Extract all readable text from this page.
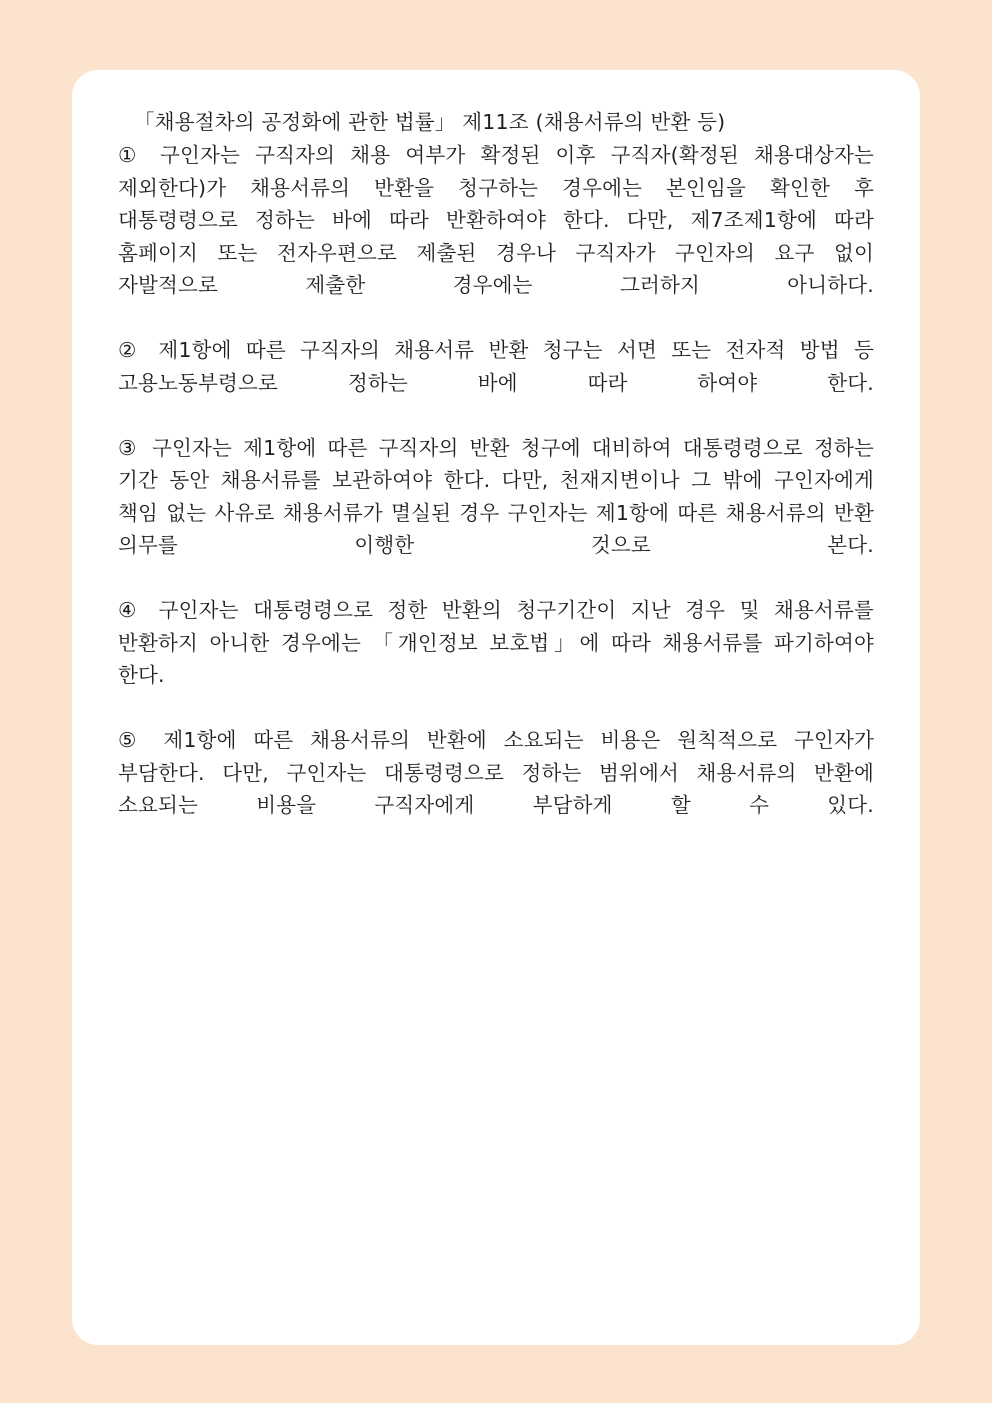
「채용절차의 공정화에 관한 법률」 제11조 (채용서류의 반환 등)

① 구인자는 구직자의 채용 여부가 확정된 이후 구직자(확정된 채용대상자는 제외한다)가 채용서류의 반환을 청구하는 경우에는 본인임을 확인한 후 대통령령으로 정하는 바에 따라 반환하여야 한다. 다만, 제7조제1항에 따라 홈페이지 또는 전자우편으로 제출된 경우나 구직자가 구인자의 요구 없이 자발적으로 제출한 경우에는 그러하지 아니하다.

② 제1항에 따른 구직자의 채용서류 반환 청구는 서면 또는 전자적 방법 등 고용노동부령으로 정하는 바에 따라 하여야 한다.

③ 구인자는 제1항에 따른 구직자의 반환 청구에 대비하여 대통령령으로 정하는 기간 동안 채용서류를 보관하여야 한다. 다만, 천재지변이나 그 밖에 구인자에게 책임 없는 사유로 채용서류가 멸실된 경우 구인자는 제1항에 따른 채용서류의 반환 의무를 이행한 것으로 본다.

④ 구인자는 대통령령으로 정한 반환의 청구기간이 지난 경우 및 채용서류를 반환하지 아니한 경우에는 「개인정보 보호법」에 따라 채용서류를 파기하여야 한다.

⑤ 제1항에 따른 채용서류의 반환에 소요되는 비용은 원칙적으로 구인자가 부담한다. 다만, 구인자는 대통령령으로 정하는 범위에서 채용서류의 반환에 소요되는 비용을 구직자에게 부담하게 할 수 있다.
